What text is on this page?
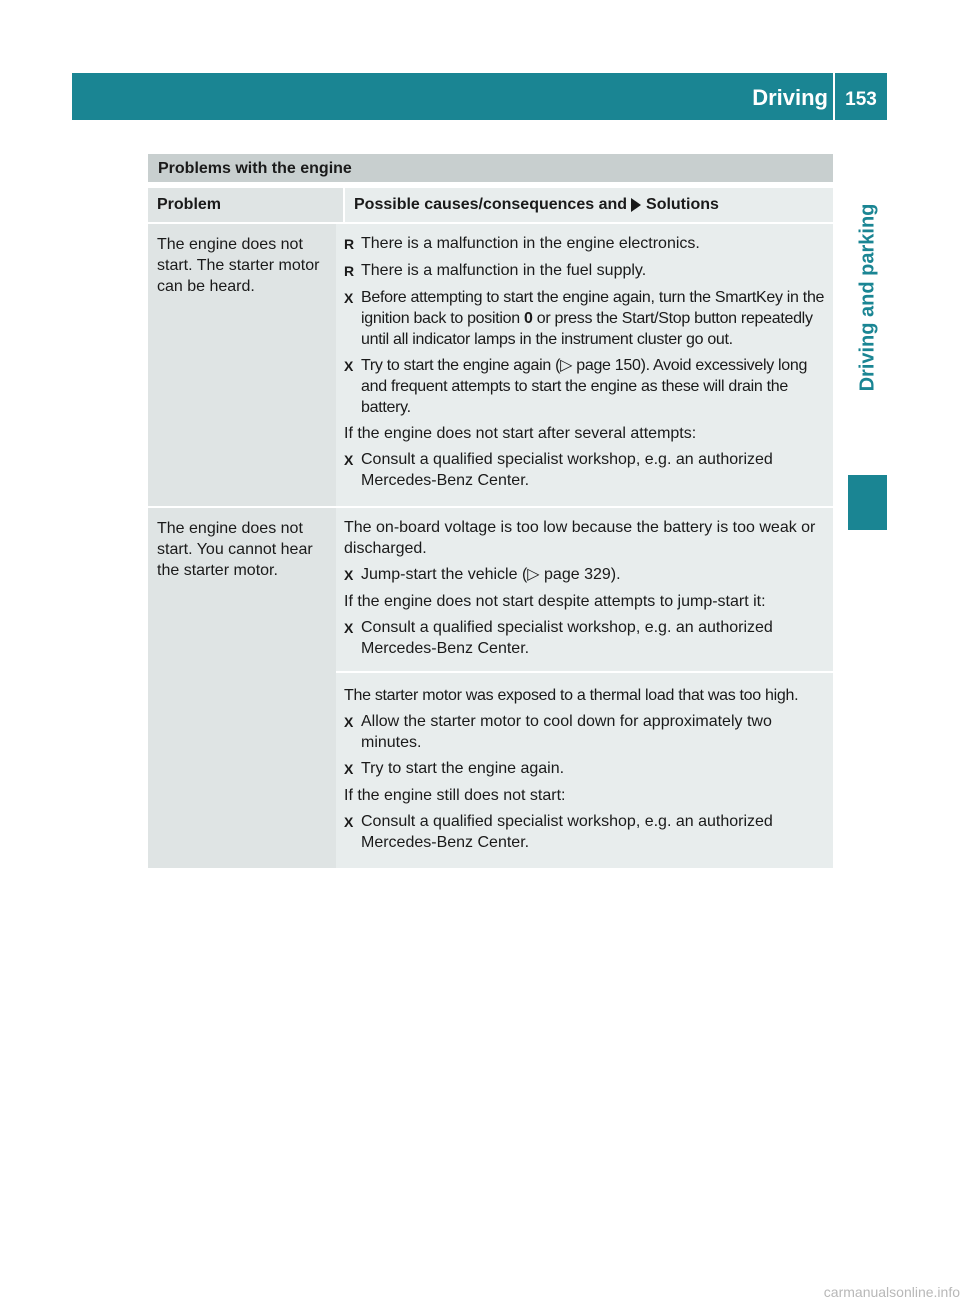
Driving 153
Driving and parking
Problems with the engine
Problem	Possible causes/consequences and Solutions
The engine does not start. The starter motor can be heard.
R There is a malfunction in the engine electronics.
R There is a malfunction in the fuel supply.
X Before attempting to start the engine again, turn the SmartKey in the ignition back to position 0 or press the Start/Stop button repeatedly until all indicator lamps in the instrument cluster go out.
X Try to start the engine again (▷ page 150). Avoid excessively long and frequent attempts to start the engine as these will drain the battery.
If the engine does not start after several attempts:
X Consult a qualified specialist workshop, e.g. an authorized Mercedes-Benz Center.
The engine does not start. You cannot hear the starter motor.
The on-board voltage is too low because the battery is too weak or discharged.
X Jump-start the vehicle (▷ page 329).
If the engine does not start despite attempts to jump-start it:
X Consult a qualified specialist workshop, e.g. an authorized Mercedes-Benz Center.
The starter motor was exposed to a thermal load that was too high.
X Allow the starter motor to cool down for approximately two minutes.
X Try to start the engine again.
If the engine still does not start:
X Consult a qualified specialist workshop, e.g. an authorized Mercedes-Benz Center.
carmanualsonline.info
